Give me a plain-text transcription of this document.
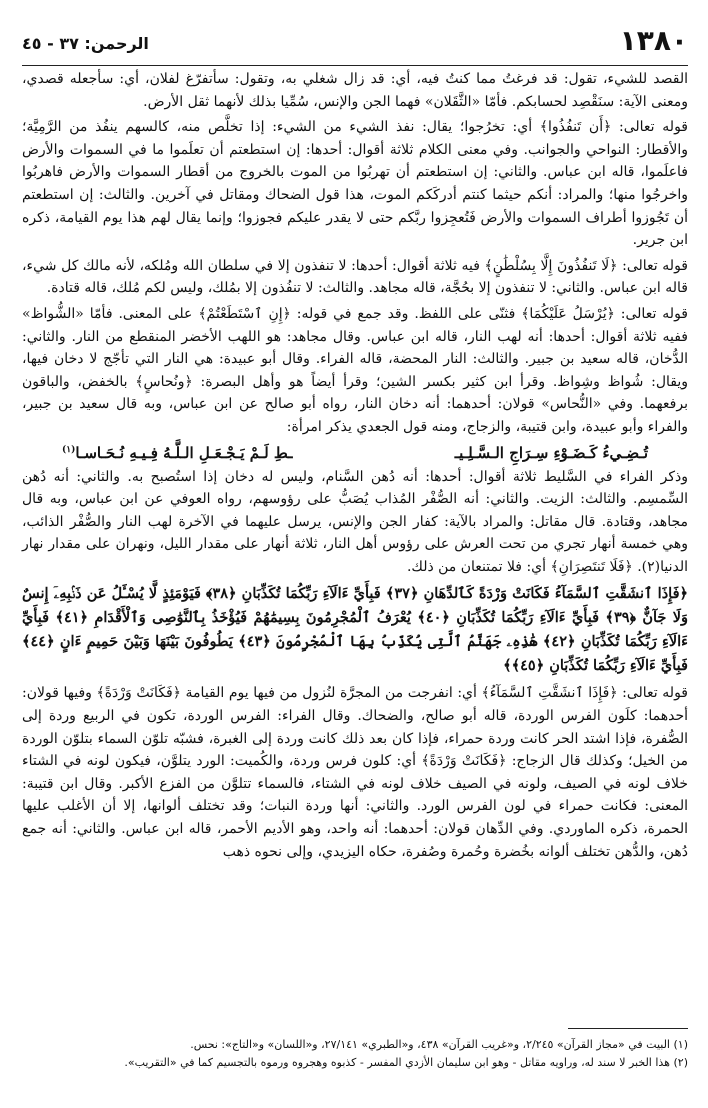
١٣٨٠
الرحمن: ٣٧ - ٤٥

القصد للشيء، تقول: قد فرغتُ مما كنتُ فيه، أي: قد زال شغلي به، وتقول: سأتفرّغ لفلان، أي: سأجعله قصدي، ومعنى الآية: سنَقْصِد لحسابكم. فأمّا «الثَّقَلان» فهما الجن والإنس، سُمِّيا بذلك لأنهما ثقل الأرض.

قوله تعالى: ﴿أَن تَنفُذُوا﴾ أي: تخرُجوا؛ يقال: نفذ الشيء من الشيء: إذا تخلَّص منه، كالسهم ينفُذ من الرَّمِيَّة؛ والأقطار: النواحي والجوانب. وفي معنى الكلام ثلاثة أقوال: أحدها: إن استطعتم أن تعلَموا ما في السموات والأرض فاعلَموا، قاله ابن عباس. والثاني: إن استطعتم أن تهربُوا من الموت بالخروج من أقطار السموات والأرض فاهربُوا واخرجُوا منها؛ والمراد: أنكم حيثما كنتم أدركَكم الموت، هذا قول الضحاك ومقاتل في آخرين. والثالث: إن استطعتم أن تَجُوزوا أطراف السموات والأرض فَتُعجِزوا ربَّكم حتى لا يقدر عليكم فجوزوا؛ وإنما يقال لهم هذا يوم القيامة، ذكره ابن جرير.

قوله تعالى: ﴿لَا تَنفُذُونَ إِلَّا بِسُلْطَٰنٍ﴾ فيه ثلاثة أقوال: أحدها: لا تنفذون إلا في سلطان الله ومُلكه، لأنه مالك كل شيء، قاله ابن عباس. والثاني: لا تنفذون إلا بحُجَّة، قاله مجاهد. والثالث: لا تنفُذون إلا بمُلك، وليس لكم مُلك، قاله قتادة.

قوله تعالى: ﴿يُرْسَلُ عَلَيْكُمَا﴾ فثنّى على اللفظ. وقد جمع في قوله: ﴿إِنِ ٱسْتَطَعْتُمْ﴾ على المعنى. فأمّا «الشُّواظ» ففيه ثلاثة أقوال: أحدها: أنه لهب النار، قاله ابن عباس. وقال مجاهد: هو اللهب الأخضر المنقطع من النار. والثاني: الدُّخان، قاله سعيد بن جبير. والثالث: النار المحضة، قاله الفراء. وقال أبو عبيدة: هي النار التي تأجّج لا دخان فيها، ويقال: شُواظ وشِواظ. وقرأ ابن كثير بكسر الشين؛ وقرأ أيضاً هو وأهل البصرة: ﴿ونُحاسٍ﴾ بالخفض، والباقون برفعهما. وفي «النُّحاس» قولان: أحدهما: أنه دخان النار، رواه أبو صالح عن ابن عباس، وبه قال سعيد بن جبير، والفراء وأبو عبيدة، وابن قتيبة، والزجاج، ومنه قول الجعدي يذكر امرأة:

تُـضِـيءُ كَـضَـوْءِ سِـرَاجِ الـسَّـلِـيـ
ـطِ لَـمْ يَـجْـعَـلِ الـلَّـهُ فِـيـهِ نُـحَـاسـا$^{(١)}$

وذكر الفراء في السَّليط ثلاثة أقوال: أحدها: أنه دُهن السَّنام، وليس له دخان إذا استُصبح به. والثاني: أنه دُهن السِّمسِم. والثالث: الزيت. والثاني: أنه الصُّفْر المُذاب يُصَبُّ على رؤوسهم، رواه العوفي عن ابن عباس، وبه قال مجاهد، وقتادة. قال مقاتل: والمراد بالآية: كفار الجن والإنس، يرسل عليهما في الآخرة لهب النار والصُّفْر الذائب، وهي خمسة أنهار تجري من تحت العرش على رؤوس أهل النار، ثلاثة أنهار على مقدار الليل، ونهران على مقدار نهار الدنيا(٢). ﴿فَلَا تَنتَصِرَانِ﴾ أي: فلا تمتنعان من ذلك.

﴿فَإِذَا ٱنشَقَّتِ ٱلسَّمَآءُ فَكَانَتْ وَرْدَةً كَٱلدِّهَانِ ﴿٣٧﴾ فَبِأَيِّ ءَالَآءِ رَبِّكُمَا تُكَذِّبَانِ ﴿٣٨﴾ فَيَوْمَئِذٍ لَّا يُسْـَٔلُ عَن ذَنۢبِهِۦٓ إِنسٌ وَلَا جَآنٌّ ﴿٣٩﴾ فَبِأَيِّ ءَالَآءِ رَبِّكُمَا تُكَذِّبَانِ ﴿٤٠﴾ يُعْرَفُ ٱلْمُجْرِمُونَ بِسِيمَٰهُمْ فَيُؤْخَذُ بِٱلنَّوَٰصِى وَٱلْأَقْدَامِ ﴿٤١﴾ فَبِأَيِّ ءَالَآءِ رَبِّكُمَا تُكَذِّبَانِ ﴿٤٢﴾ هَٰذِهِۦ جَهَنَّمُ ٱلَّتِى يُكَذِّبُ بِهَا ٱلْمُجْرِمُونَ ﴿٤٣﴾ يَطُوفُونَ بَيْنَهَا وَبَيْنَ حَمِيمٍ ءَانٍ ﴿٤٤﴾ فَبِأَيِّ ءَالَآءِ رَبِّكُمَا تُكَذِّبَانِ ﴿٤٥﴾﴾

قوله تعالى: ﴿فَإِذَا ٱنشَقَّتِ ٱلسَّمَآءُ﴾ أي: انفرجت من المجرَّة لنُزول من فيها يوم القيامة ﴿فَكَانَتْ وَرْدَةً﴾ وفيها قولان: أحدهما: كلَون الفرس الوردة، قاله أبو صالح، والضحاك. وقال الفراء: الفرس الوردة، تكون في الربيع وردة إلى الصُّفرة، فإذا اشتد الحر كانت وردة حمراء، فإذا كان بعد ذلك كانت وردة إلى الغبرة، فشبّه تلوّن السماء بتلوّن الوردة من الخيل؛ وكذلك قال الزجاج: ﴿فَكَانَتْ وَرْدَةً﴾ أي: كلون فرس وردة، والكُميت: الورد يتلوَّن، فيكون لونه في الشتاء خلاف لونه في الصيف، ولونه في الصيف خلاف لونه في الشتاء، فالسماء تتلوَّن من الفزع الأكبر. وقال ابن قتيبة: المعنى: فكانت حمراء في لون الفرس الورد. والثاني: أنها وردة النبات؛ وقد تختلف ألوانها، إلا أن الأغلب عليها الحمرة، ذكره الماوردي. وفي الدِّهان قولان: أحدهما: أنه واحد، وهو الأديم الأحمر، قاله ابن عباس. والثاني: أنه جمع دُهن، والدُّهن تختلف ألوانه بخُضرة وحُمرة وصُفرة، حكاه اليزيدي، وإلى نحوه ذهب

(١) البيت في «مجاز القرآن» ٢/٢٤٥، و«غريب القرآن» ٤٣٨، و«الطبري» ٢٧/١٤١، و«اللسان» و«التاج»: نحس.

(٢) هذا الخبر لا سند له، وراويه مقاتل - وهو ابن سليمان الأزدي المفسر - كذبوه وهجروه ورموه بالتجسيم كما في «التقريب».
